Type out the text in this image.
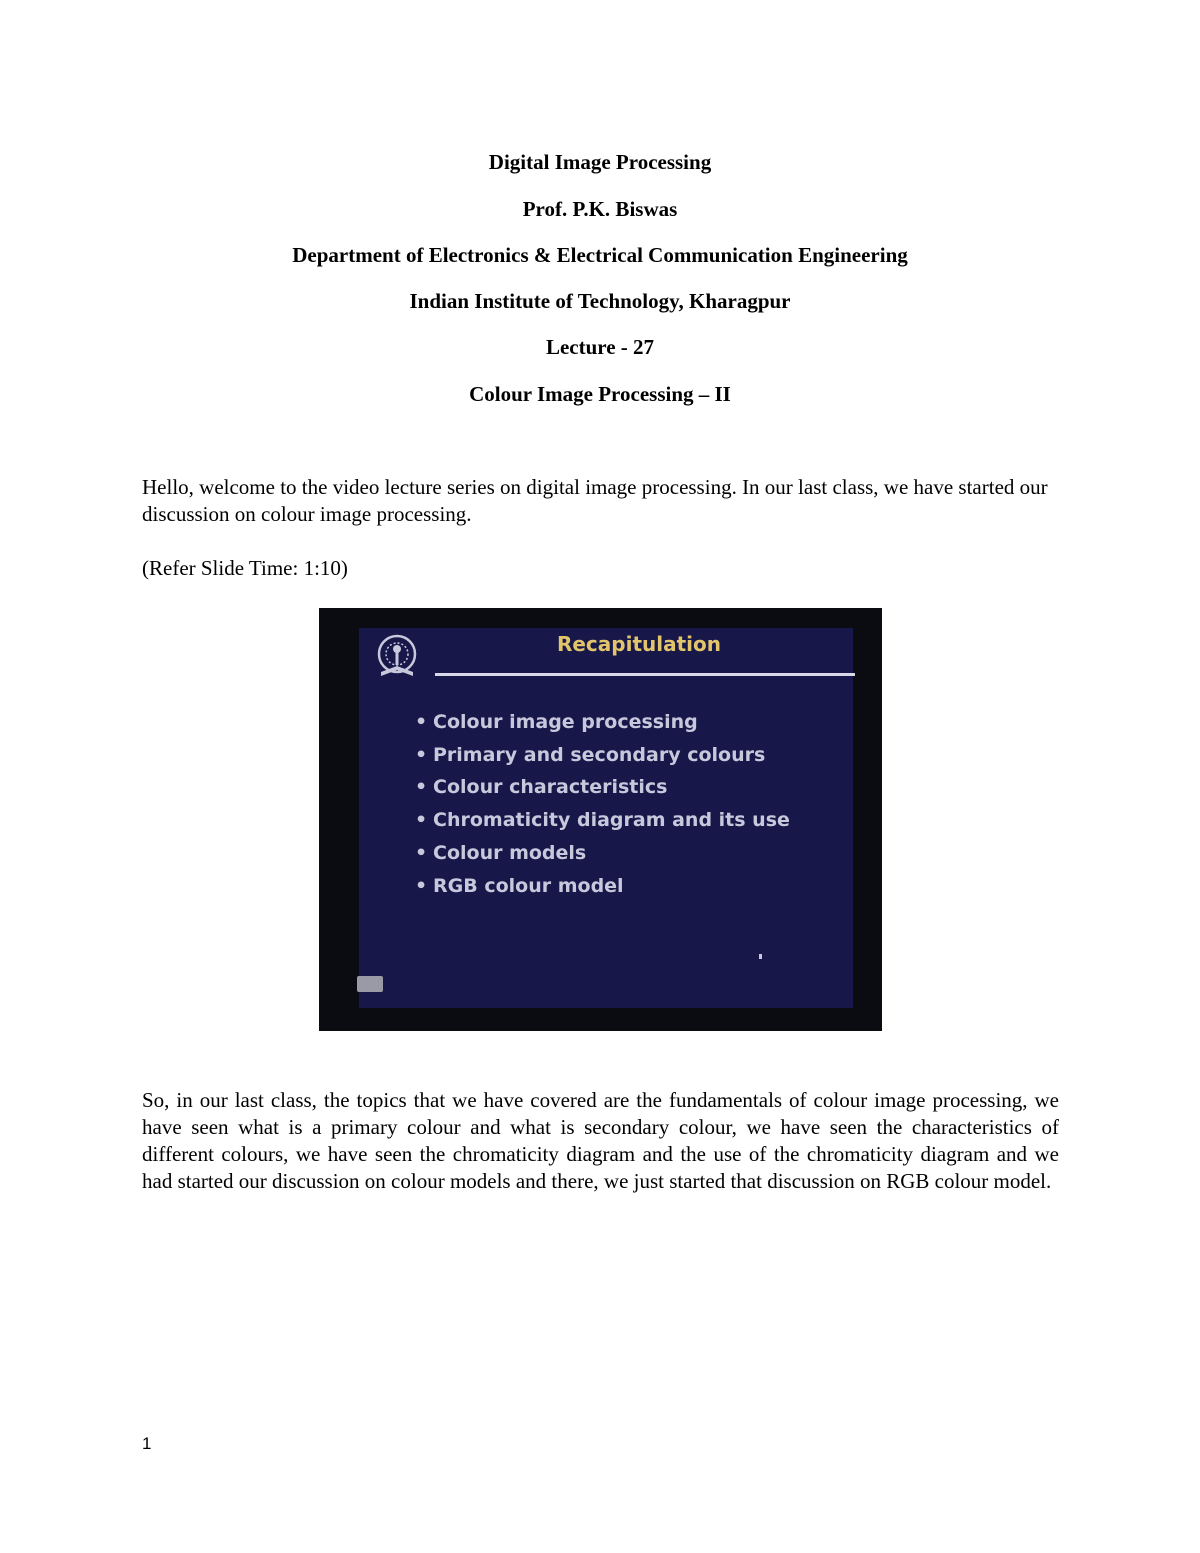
Digital Image Processing
Prof. P.K. Biswas
Department of Electronics & Electrical Communication Engineering
Indian Institute of Technology, Kharagpur
Lecture - 27
Colour Image Processing – II
Hello, welcome to the video lecture series on digital image processing. In our last class, we have started our discussion on colour image processing.
(Refer Slide Time: 1:10)
Recapitulation
• Colour image processing
• Primary and secondary colours
• Colour characteristics
• Chromaticity diagram and its use
• Colour models
• RGB colour model
So, in our last class, the topics that we have covered are the fundamentals of colour image processing, we have seen what is a primary colour and what is secondary colour, we have seen the characteristics of different colours, we have seen the chromaticity diagram and the use of the chromaticity diagram and we had started our discussion on colour models and there, we just started that discussion on RGB colour model.
1
